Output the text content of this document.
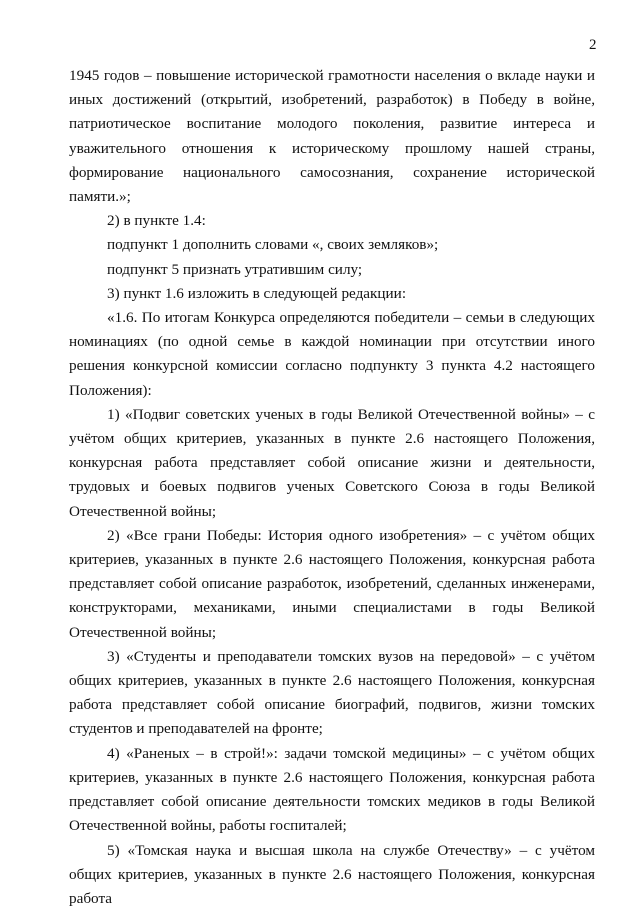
2

1945 годов – повышение исторической грамотности населения о вкладе науки и иных достижений (открытий, изобретений, разработок) в Победу в войне, патриотическое воспитание молодого поколения, развитие интереса и уважительного отношения к историческому прошлому нашей страны, формирование национального самосознания, сохранение исторической памяти.»;

2) в пункте 1.4:

подпункт 1 дополнить словами «, своих земляков»;

подпункт 5 признать утратившим силу;

3) пункт 1.6 изложить в следующей редакции:

«1.6. По итогам Конкурса определяются победители – семьи в следующих номинациях (по одной семье в каждой номинации при отсутствии иного решения конкурсной комиссии согласно подпункту 3 пункта 4.2 настоящего Положения):

1) «Подвиг советских ученых в годы Великой Отечественной войны» – с учётом общих критериев, указанных в пункте 2.6 настоящего Положения, конкурсная работа представляет собой описание жизни и деятельности, трудовых и боевых подвигов ученых Советского Союза в годы Великой Отечественной войны;

2) «Все грани Победы: История одного изобретения» – с учётом общих критериев, указанных в пункте 2.6 настоящего Положения, конкурсная работа представляет собой описание разработок, изобретений, сделанных инженерами, конструкторами, механиками, иными специалистами в годы Великой Отечественной войны;

3) «Студенты и преподаватели томских вузов на передовой» – с учётом общих критериев, указанных в пункте 2.6 настоящего Положения, конкурсная работа представляет собой описание биографий, подвигов, жизни томских студентов и преподавателей на фронте;

4) «Раненых – в строй!»: задачи томской медицины» – с учётом общих критериев, указанных в пункте 2.6 настоящего Положения, конкурсная работа представляет собой описание деятельности томских медиков в годы Великой Отечественной войны, работы госпиталей;

5) «Томская наука и высшая школа на службе Отечеству» – с учётом общих критериев, указанных в пункте 2.6 настоящего Положения, конкурсная работа
